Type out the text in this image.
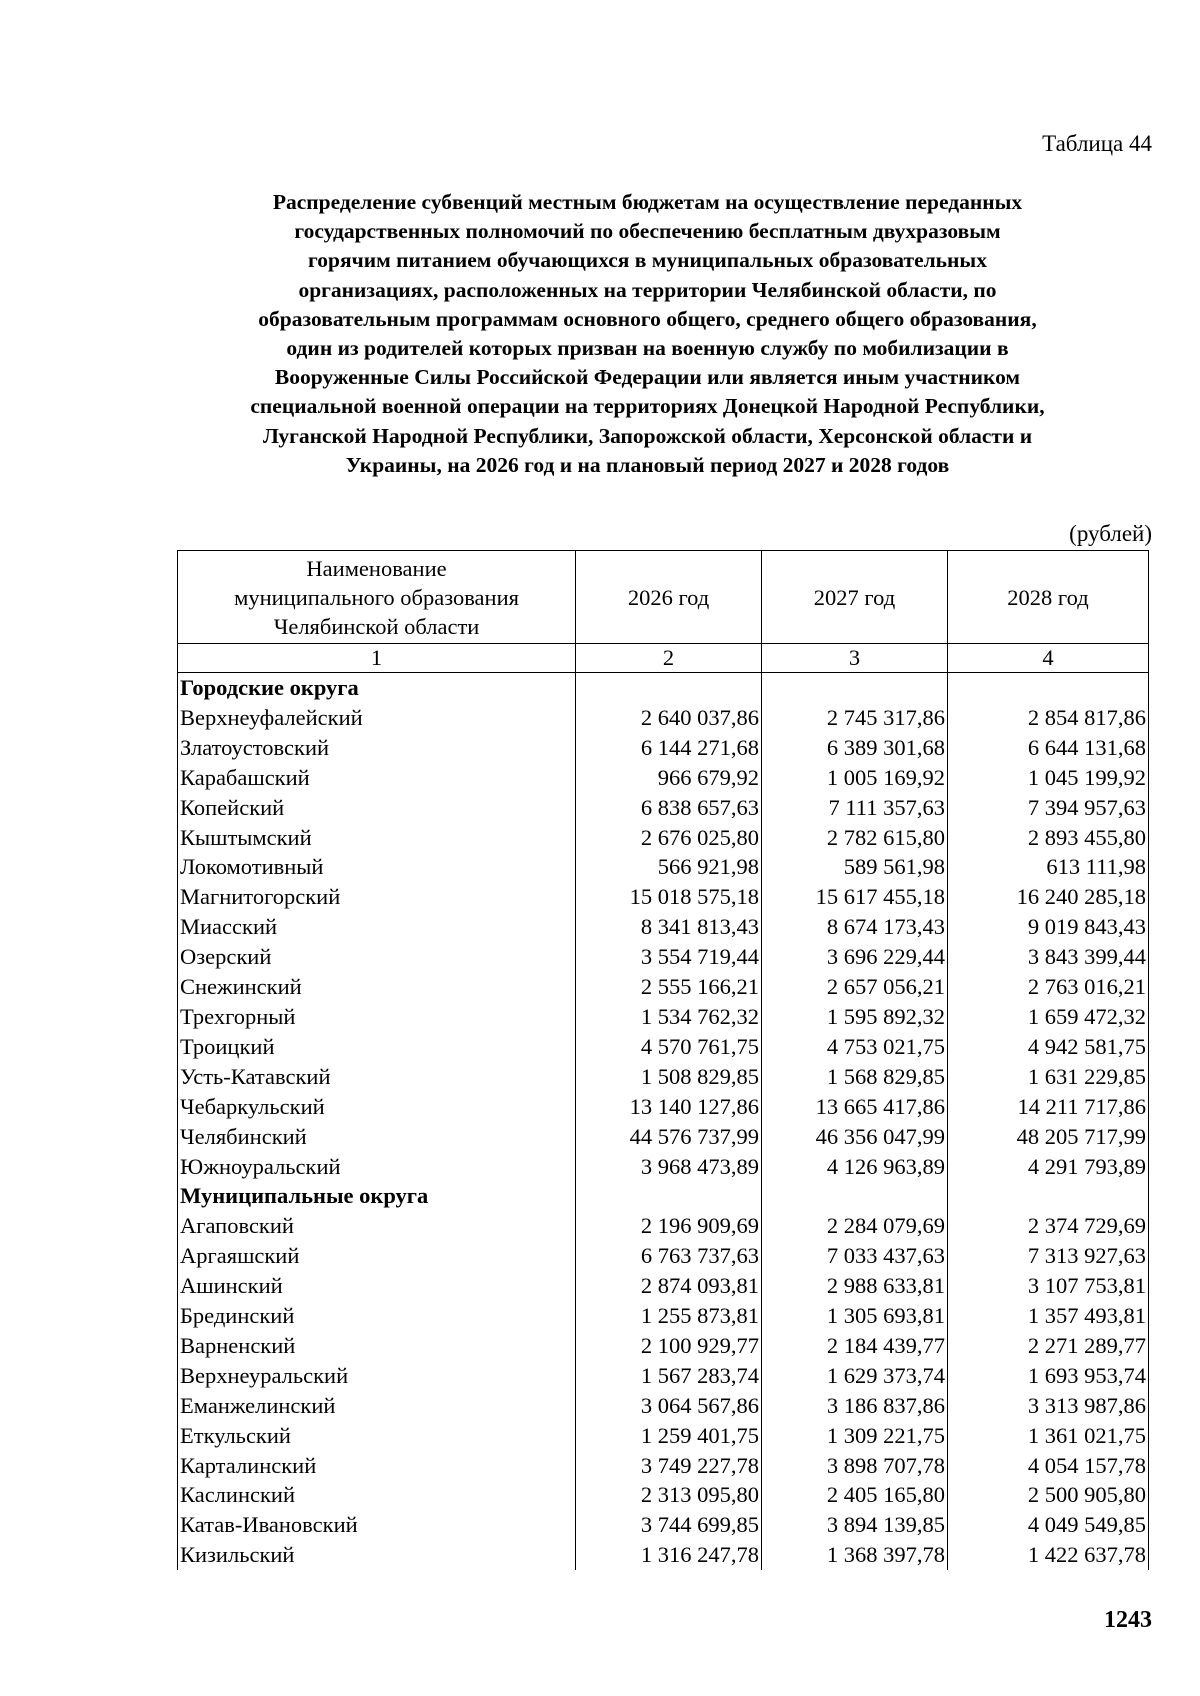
Таблица 44
Распределение субвенций местным бюджетам на осуществление переданных
государственных полномочий по обеспечению бесплатным двухразовым
горячим питанием обучающихся в муниципальных образовательных
организациях, расположенных на территории Челябинской области, по
образовательным программам основного общего, среднего общего образования,
один из родителей которых призван на военную службу по мобилизации в
Вооруженные Силы Российской Федерации или является иным участником
специальной военной операции на территориях Донецкой Народной Республики,
Луганской Народной Республики, Запорожской области, Херсонской области и
Украины, на 2026 год и на плановый период 2027 и 2028 годов
(рублей)
Наименование
муниципального образования
Челябинской области	2026 год	2027 год	2028 год
1	2	3	4
Городские округа			
Верхнеуфалейский	2 640 037,86	2 745 317,86	2 854 817,86
Златоустовский	6 144 271,68	6 389 301,68	6 644 131,68
Карабашский	966 679,92	1 005 169,92	1 045 199,92
Копейский	6 838 657,63	7 111 357,63	7 394 957,63
Кыштымский	2 676 025,80	2 782 615,80	2 893 455,80
Локомотивный	566 921,98	589 561,98	613 111,98
Магнитогорский	15 018 575,18	15 617 455,18	16 240 285,18
Миасский	8 341 813,43	8 674 173,43	9 019 843,43
Озерский	3 554 719,44	3 696 229,44	3 843 399,44
Снежинский	2 555 166,21	2 657 056,21	2 763 016,21
Трехгорный	1 534 762,32	1 595 892,32	1 659 472,32
Троицкий	4 570 761,75	4 753 021,75	4 942 581,75
Усть-Катавский	1 508 829,85	1 568 829,85	1 631 229,85
Чебаркульский	13 140 127,86	13 665 417,86	14 211 717,86
Челябинский	44 576 737,99	46 356 047,99	48 205 717,99
Южноуральский	3 968 473,89	4 126 963,89	4 291 793,89
Муниципальные округа			
Агаповский	2 196 909,69	2 284 079,69	2 374 729,69
Аргаяшский	6 763 737,63	7 033 437,63	7 313 927,63
Ашинский	2 874 093,81	2 988 633,81	3 107 753,81
Брединский	1 255 873,81	1 305 693,81	1 357 493,81
Варненский	2 100 929,77	2 184 439,77	2 271 289,77
Верхнеуральский	1 567 283,74	1 629 373,74	1 693 953,74
Еманжелинский	3 064 567,86	3 186 837,86	3 313 987,86
Еткульский	1 259 401,75	1 309 221,75	1 361 021,75
Карталинский	3 749 227,78	3 898 707,78	4 054 157,78
Каслинский	2 313 095,80	2 405 165,80	2 500 905,80
Катав-Ивановский	3 744 699,85	3 894 139,85	4 049 549,85
Кизильский	1 316 247,78	1 368 397,78	1 422 637,78
1243
